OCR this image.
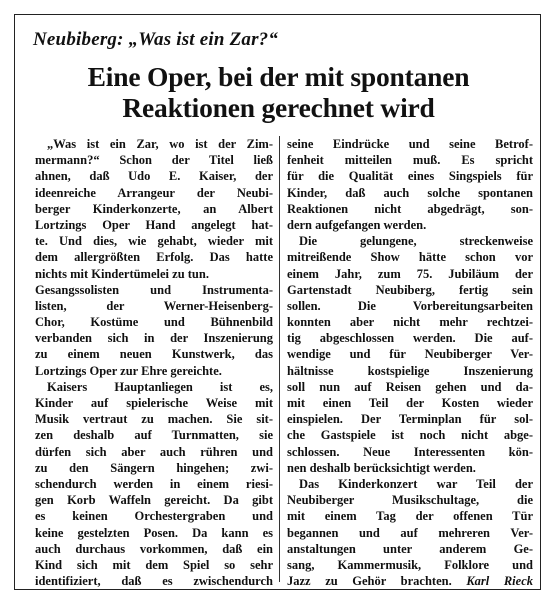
Neubiberg: „Was ist ein Zar?“
Eine Oper, bei der mit spontanen
Reaktionen gerechnet wird
„Was ist ein Zar, wo ist der Zim-
mermann?“ Schon der Titel ließ
ahnen, daß Udo E. Kaiser, der
ideenreiche Arrangeur der Neubi-
berger Kinderkonzerte, an Albert
Lortzings Oper Hand angelegt hat-
te. Und dies, wie gehabt, wieder mit
dem allergrößten Erfolg. Das hatte
nichts mit Kindertümelei zu tun.
Gesangssolisten und Instrumenta-
listen, der Werner-Heisenberg-
Chor, Kostüme und Bühnenbild
verbanden sich in der Inszenierung
zu einem neuen Kunstwerk, das
Lortzings Oper zur Ehre gereichte.
Kaisers Hauptanliegen ist es,
Kinder auf spielerische Weise mit
Musik vertraut zu machen. Sie sit-
zen deshalb auf Turnmatten, sie
dürfen sich aber auch rühren und
zu den Sängern hingehen; zwi-
schendurch werden in einem riesi-
gen Korb Waffeln gereicht. Da gibt
es keinen Orchestergraben und
keine gestelzten Posen. Da kann es
auch durchaus vorkommen, daß ein
Kind sich mit dem Spiel so sehr
identifiziert, daß es zwischendurch
seine Eindrücke und seine Betrof-
fenheit mitteilen muß. Es spricht
für die Qualität eines Singspiels für
Kinder, daß auch solche spontanen
Reaktionen nicht abgedrägt, son-
dern aufgefangen werden.
Die gelungene, streckenweise
mitreißende Show hätte schon vor
einem Jahr, zum 75. Jubiläum der
Gartenstadt Neubiberg, fertig sein
sollen. Die Vorbereitungsarbeiten
konnten aber nicht mehr rechtzei-
tig abgeschlossen werden. Die auf-
wendige und für Neubiberger Ver-
hältnisse kostspielige Inszenierung
soll nun auf Reisen gehen und da-
mit einen Teil der Kosten wieder
einspielen. Der Terminplan für sol-
che Gastspiele ist noch nicht abge-
schlossen. Neue Interessenten kön-
nen deshalb berücksichtigt werden.
Das Kinderkonzert war Teil der
Neubiberger Musikschultage, die
mit einem Tag der offenen Tür
begannen und auf mehreren Ver-
anstaltungen unter anderem Ge-
sang, Kammermusik, Folklore und
Jazz zu Gehör brachten. Karl Rieck
